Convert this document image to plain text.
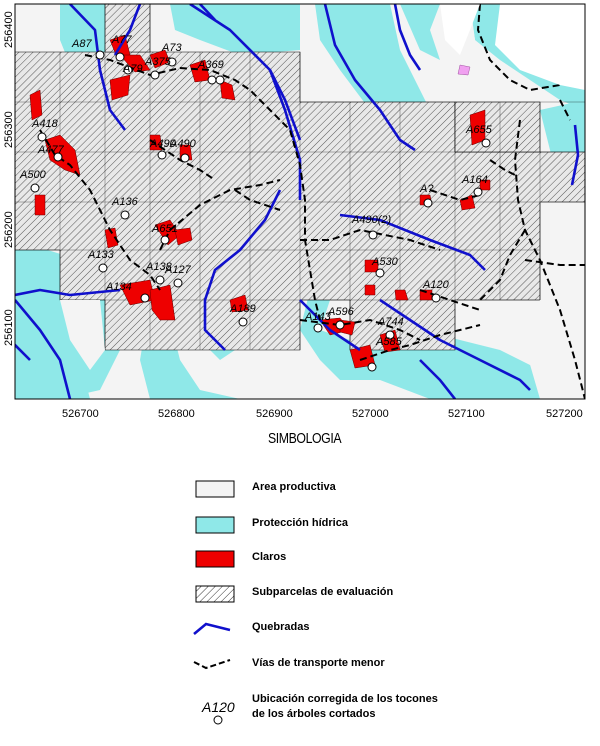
256400
256300
256200
256100
526700	526800	526900	527000	527100	527200
A87 A77
A73
A375 A369
A79
A418
A477	A490
A490
A655
A500
A136
A?
A164
A490(2)
A651
A133
A138
A127
A134
A189
A530
A120
A596
A143	A744
A585
SIMBOLOGIA
Area productiva
Protección hídrica
Claros
Subparcelas de evaluación
Quebradas
Vías de transporte menor
A120 Ubicación corregida de los tocones de los árboles cortados
